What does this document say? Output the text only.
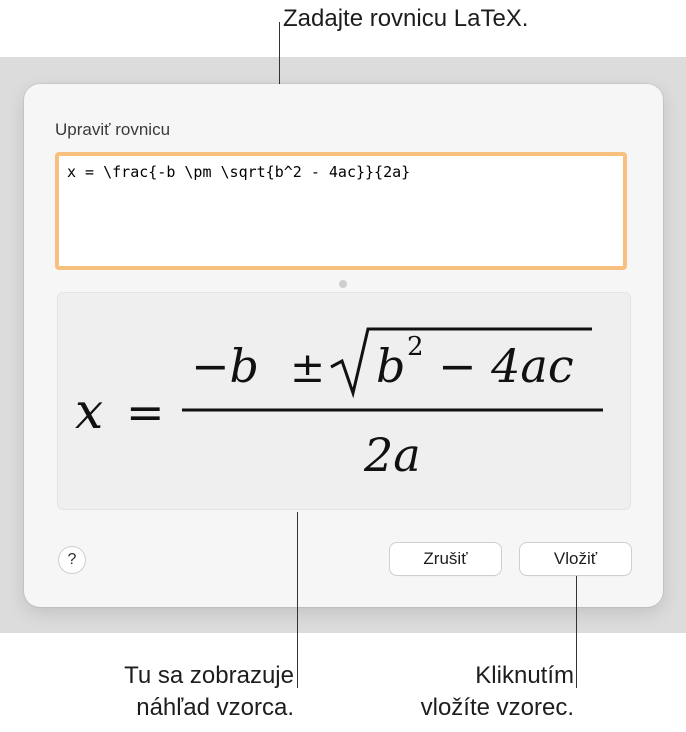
Zadajte rovnicu LaTeX.
Upraviť rovnicu
x = \frac{-b \pm \sqrt{b^2 - 4ac}}{2a}
x =
−b ± b 2 − 4ac
2a
?	Zrušiť	Vložiť
Tu sa zobrazuje
náhľad vzorca.
Kliknutím
vložíte vzorec.
